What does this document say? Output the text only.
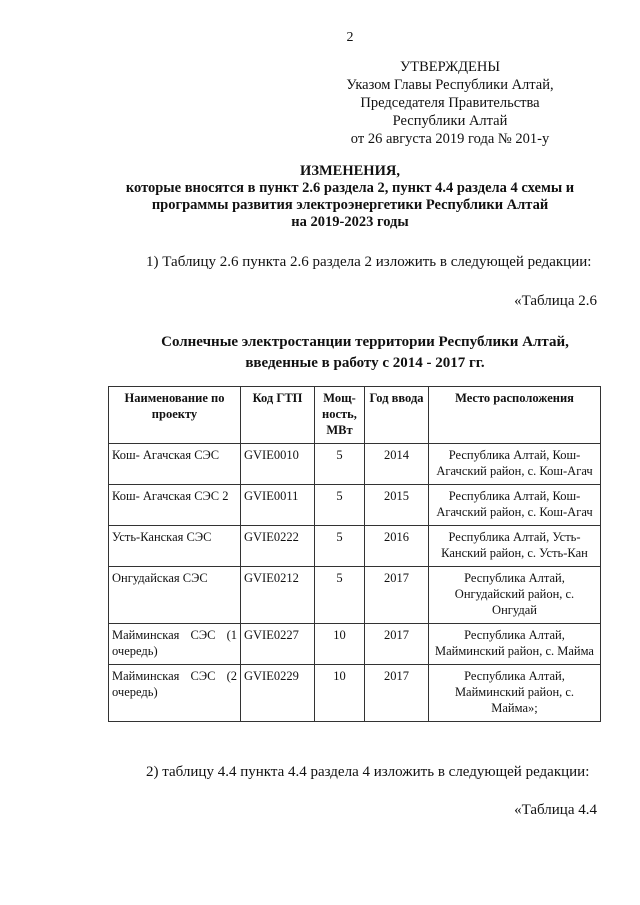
2
УТВЕРЖДЕНЫ
Указом Главы Республики Алтай,
Председателя Правительства
Республики Алтай
от 26 августа 2019 года № 201-у
ИЗМЕНЕНИЯ,
которые вносятся в пункт 2.6 раздела 2, пункт 4.4 раздела 4 схемы и
программы развития электроэнергетики Республики Алтай
на 2019-2023 годы
1) Таблицу 2.6 пункта 2.6 раздела 2 изложить в следующей редакции:
«Таблица 2.6
Солнечные электростанции территории Республики Алтай,
введенные в работу с 2014 - 2017 гг.
Наименование по проекту	Код ГТП	Мощ- ность, МВт	Год ввода	Место расположения
Кош- Агачская СЭС	GVIE0010	5	2014	Республика Алтай, Кош-Агачский район, с. Кош-Агач
Кош- Агачская СЭС 2	GVIE0011	5	2015	Республика Алтай, Кош-Агачский район, с. Кош-Агач
Усть-Канская СЭС	GVIE0222	5	2016	Республика Алтай, Усть-Канский район, с. Усть-Кан
Онгудайская СЭС	GVIE0212	5	2017	Республика Алтай, Онгудайский район, с. Онгудай
Майминская СЭС (1 очередь)	GVIE0227	10	2017	Республика Алтай, Майминский район, с. Майма
Майминская СЭС (2 очередь)	GVIE0229	10	2017	Республика Алтай, Майминский район, с. Майма»;
2) таблицу 4.4 пункта 4.4 раздела 4 изложить в следующей редакции:
«Таблица 4.4
